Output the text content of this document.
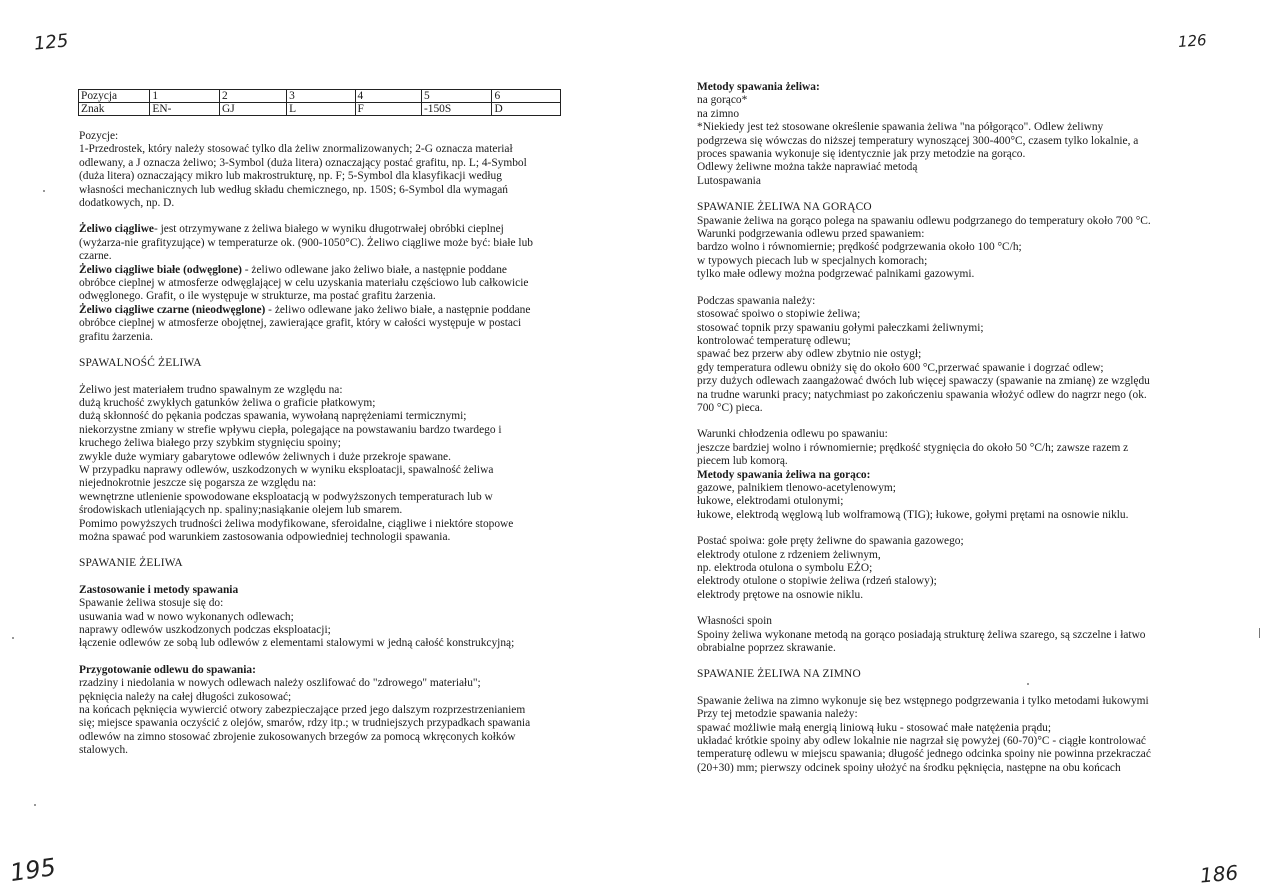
125
Pozycja	1	2	3	4	5	6
Znak	EN-	GJ	L	F	-150S	D

Pozycje:

1-Przedrostek, który należy stosować tylko dla żeliw znormalizowanych; 2-G oznacza materiał

odlewany, a J oznacza żeliwo; 3-Symbol (duża litera) oznaczający postać grafitu, np. L; 4-Symbol

(duża litera) oznaczający mikro lub makrostrukturę, np. F; 5-Symbol dla klasyfikacji według

własności mechanicznych lub według składu chemicznego, np. 150S; 6-Symbol dla wymagań

dodatkowych, np. D.

Żeliwo ciągliwe- jest otrzymywane z żeliwa białego w wyniku długotrwałej obróbki cieplnej

(wyżarza-nie grafityzujące) w temperaturze ok. (900-1050°C). Żeliwo ciągliwe może być: białe lub

czarne.

Żeliwo ciągliwe białe (odwęglone) - żeliwo odlewane jako żeliwo białe, a następnie poddane

obróbce cieplnej w atmosferze odwęglającej w celu uzyskania materiału częściowo lub całkowicie

odwęglonego. Grafit, o ile występuje w strukturze, ma postać grafitu żarzenia.

Żeliwo ciągliwe czarne (nieodwęglone) - żeliwo odlewane jako żeliwo białe, a następnie poddane

obróbce cieplnej w atmosferze obojętnej, zawierające grafit, który w całości występuje w postaci

grafitu żarzenia.

SPAWALNOŚĆ ŻELIWA

Żeliwo jest materiałem trudno spawalnym ze względu na:

dużą kruchość zwykłych gatunków żeliwa o graficie płatkowym;

dużą skłonność do pękania podczas spawania, wywołaną naprężeniami termicznymi;

niekorzystne zmiany w strefie wpływu ciepła, polegające na powstawaniu bardzo twardego i

kruchego żeliwa białego przy szybkim stygnięciu spoiny;

zwykle duże wymiary gabarytowe odlewów żeliwnych i duże przekroje spawane.

W przypadku naprawy odlewów, uszkodzonych w wyniku eksploatacji, spawalność żeliwa

niejednokrotnie jeszcze się pogarsza ze względu na:

wewnętrzne utlenienie spowodowane eksploatacją w podwyższonych temperaturach lub w

środowiskach utleniających np. spaliny;nasiąkanie olejem lub smarem.

Pomimo powyższych trudności żeliwa modyfikowane, sferoidalne, ciągliwe i niektóre stopowe

można spawać pod warunkiem zastosowania odpowiedniej technologii spawania.

SPAWANIE ŻELIWA

Zastosowanie i metody spawania

Spawanie żeliwa stosuje się do:

usuwania wad w nowo wykonanych odlewach;

naprawy odlewów uszkodzonych podczas eksploatacji;

łączenie odlewów ze sobą lub odlewów z elementami stalowymi w jedną całość konstrukcyjną;

Przygotowanie odlewu do spawania:

rzadziny i niedolania w nowych odlewach należy oszlifować do "zdrowego" materiału";

pęknięcia należy na całej długości zukosować;

na końcach pęknięcia wywiercić otwory zabezpieczające przed jego dalszym rozprzestrzenianiem

się; miejsce spawania oczyścić z olejów, smarów, rdzy itp.; w trudniejszych przypadkach spawania

odlewów na zimno stosować zbrojenie zukosowanych brzegów za pomocą wkręconych kołków

stalowych.

195
126

Metody spawania żeliwa:

na gorąco*

na zimno

*Niekiedy jest też stosowane określenie spawania żeliwa "na półgorąco". Odlew żeliwny

podgrzewa się wówczas do niższej temperatury wynoszącej 300-400°C, czasem tylko lokalnie, a

proces spawania wykonuje się identycznie jak przy metodzie na gorąco.

Odlewy żeliwne można także naprawiać metodą

Lutospawania

SPAWANIE ŻELIWA NA GORĄCO

Spawanie żeliwa na gorąco polega na spawaniu odlewu podgrzanego do temperatury około 700 °C.

Warunki podgrzewania odlewu przed spawaniem:

bardzo wolno i równomiernie; prędkość podgrzewania około 100 °C/h;

w typowych piecach lub w specjalnych komorach;

tylko małe odlewy można podgrzewać palnikami gazowymi.

Podczas spawania należy:

stosować spoiwo o stopiwie żeliwa;

stosować topnik przy spawaniu gołymi pałeczkami żeliwnymi;

kontrolować temperaturę odlewu;

spawać bez przerw aby odlew zbytnio nie ostygł;

gdy temperatura odlewu obniży się do około 600 °C,przerwać spawanie i dogrzać odlew;

przy dużych odlewach zaangażować dwóch lub więcej spawaczy (spawanie na zmianę) ze względu

na trudne warunki pracy; natychmiast po zakończeniu spawania włożyć odlew do nagrzr nego (ok.

700 °C) pieca.

Warunki chłodzenia odlewu po spawaniu:

jeszcze bardziej wolno i równomiernie; prędkość stygnięcia do około 50 °C/h; zawsze razem z

piecem lub komorą.

Metody spawania żeliwa na gorąco:

gazowe, palnikiem tlenowo-acetylenowym;

łukowe, elektrodami otulonymi;

łukowe, elektrodą węglową lub wolframową (TIG); łukowe, gołymi prętami na osnowie niklu.

Postać spoiwa: gołe pręty żeliwne do spawania gazowego;

elektrody otulone z rdzeniem żeliwnym,

np. elektroda otulona o symbolu EŻO;

elektrody otulone o stopiwie żeliwa (rdzeń stalowy);

elektrody prętowe na osnowie niklu.

Własności spoin

Spoiny żeliwa wykonane metodą na gorąco posiadają strukturę żeliwa szarego, są szczelne i łatwo

obrabialne poprzez skrawanie.

SPAWANIE ŻELIWA NA ZIMNO

Spawanie żeliwa na zimno wykonuje się bez wstępnego podgrzewania i tylko metodami łukowymi

Przy tej metodzie spawania należy:

spawać możliwie małą energią liniową łuku - stosować małe natężenia prądu;

układać krótkie spoiny aby odlew lokalnie nie nagrzał się powyżej (60-70)°C - ciągłe kontrolować

temperaturę odlewu w miejscu spawania; długość jednego odcinka spoiny nie powinna przekraczać

(20+30) mm; pierwszy odcinek spoiny ułożyć na środku pęknięcia, następne na obu końcach

186
